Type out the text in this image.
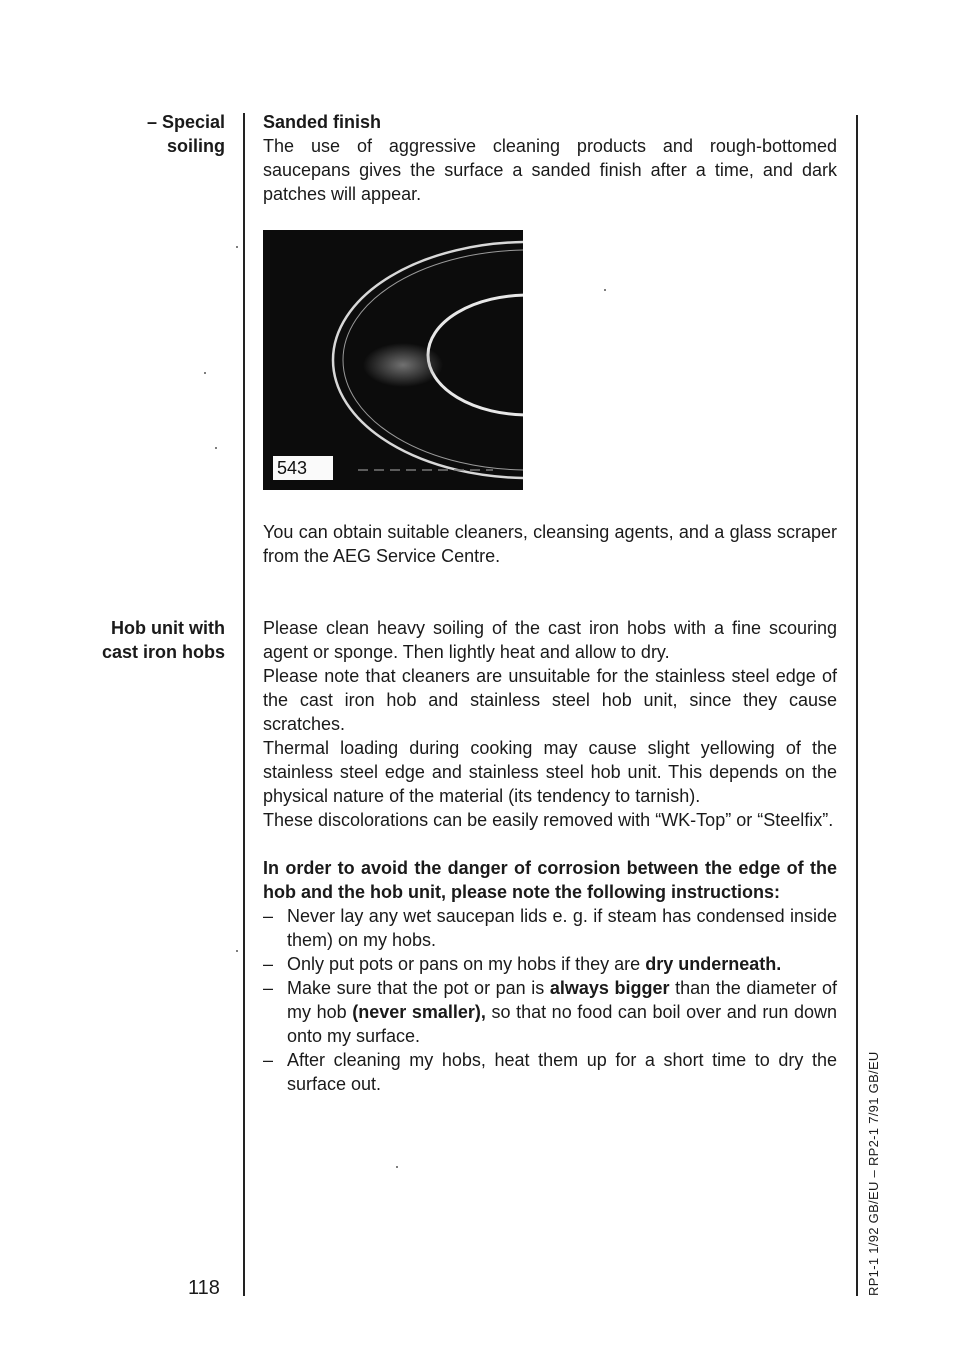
– Special
soiling
Sanded finish

The use of aggressive cleaning products and rough-bottomed saucepans gives the surface a sanded finish after a time, and dark patches will appear.

543

You can obtain suitable cleaners, cleansing agents, and a glass scraper from the AEG Service Centre.

Hob unit with
cast iron hobs

Please clean heavy soiling of the cast iron hobs with a fine scouring agent or sponge. Then lightly heat and allow to dry.

Please note that cleaners are unsuitable for the stainless steel edge of the cast iron hob and stainless steel hob unit, since they cause scratches.

Thermal loading during cooking may cause slight yellowing of the stainless steel edge and stainless steel hob unit. This depends on the physical nature of the material (its tendency to tarnish).

These discolorations can be easily removed with “WK-Top” or “Steelfix”.

In order to avoid the danger of corrosion between the edge of the hob and the hob unit, please note the following instructions:

– Never lay any wet saucepan lids e. g. if steam has condensed inside them) on my hobs.
– Only put pots or pans on my hobs if they are dry underneath.
– Make sure that the pot or pan is always bigger than the diameter of my hob (never smaller), so that no food can boil over and run down onto my surface.
– After cleaning my hobs, heat them up for a short time to dry the surface out.
118	RP1-1 1/92 GB/EU – RP2-1 7/91 GB/EU
